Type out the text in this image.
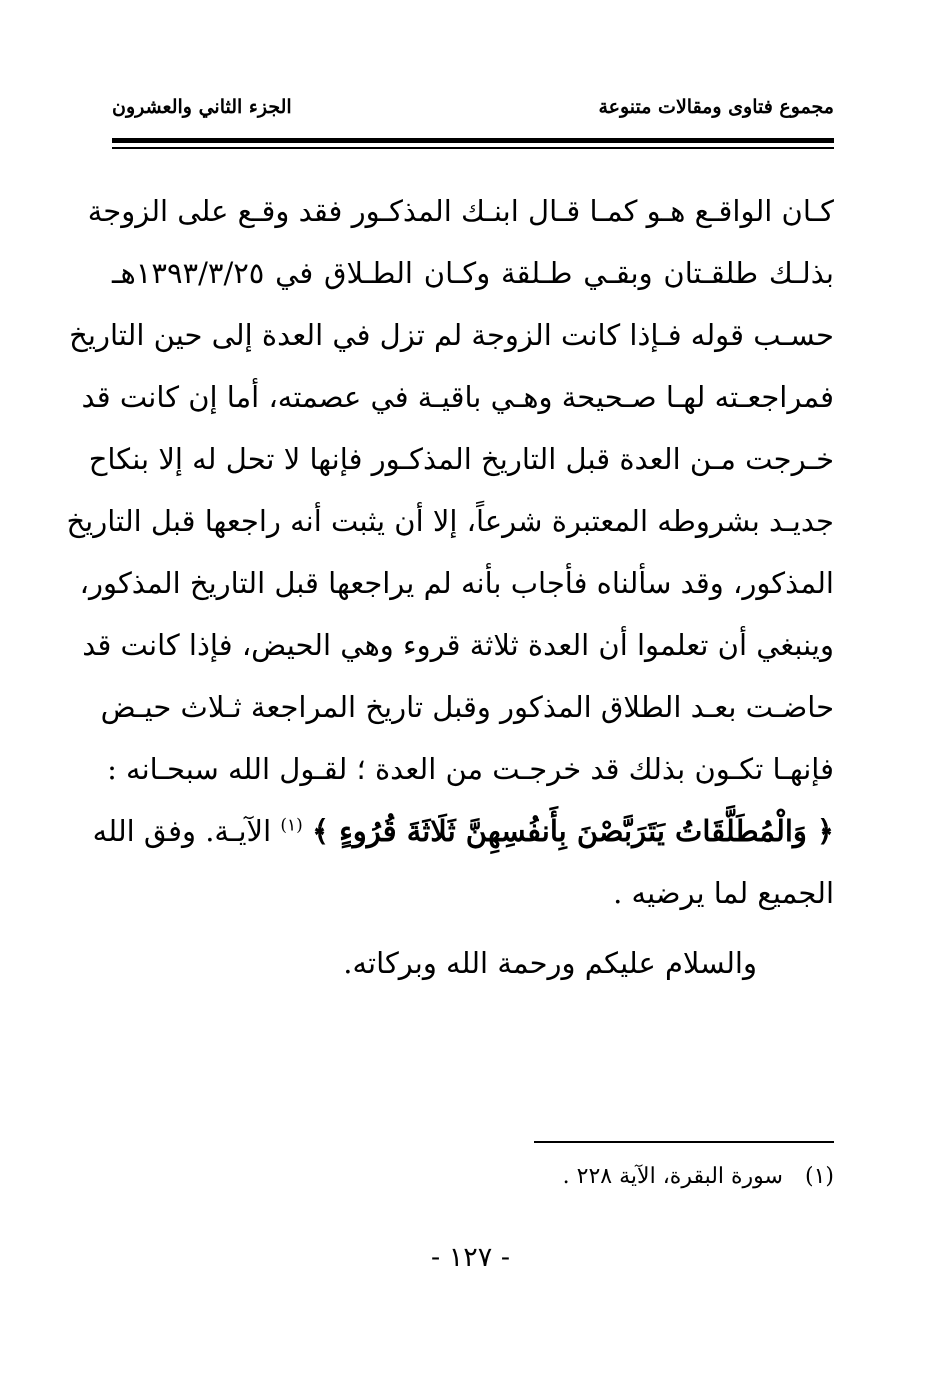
مجموع فتاوى ومقالات متنوعة
الجزء الثاني والعشرون
كـان الواقـع هـو كمـا قـال ابنـك المذكـور فقد وقـع على الزوجة
بذلـك طلقـتان وبقـي طـلقة وكـان الطـلاق في ١٣٩٣/٣/٢٥هـ
حسـب قوله فـإذا كانت الزوجة لم تزل في العدة إلى حين التاريخ
فمراجعـته لهـا صـحيحة وهـي باقيـة في عصمته، أما إن كانت قد
خـرجت مـن العدة قبل التاريخ المذكـور فإنها لا تحل له إلا بنكاح
جديـد بشروطه المعتبرة شرعاً، إلا أن يثبت أنه راجعها قبل التاريخ
المذكور، وقد سألناه فأجاب بأنه لم يراجعها قبل التاريخ المذكور،
وينبغي أن تعلموا أن العدة ثلاثة قروء وهي الحيض، فإذا كانت قد
حاضـت بعـد الطلاق المذكور وقبل تاريخ المراجعة ثـلاث حيـض
فإنهـا تكـون بذلك قد خرجـت من العدة ؛ لقـول الله سبحـانه :
﴿ وَالْمُطَلَّقَاتُ يَتَرَبَّصْنَ بِأَنفُسِهِنَّ ثَلَاثَةَ قُرُوءٍ ﴾ $^{(١)}$ الآيـة. وفق الله
الجميع لما يرضيه .
والسلام عليكم ورحمة الله وبركاته.
(١)سورة البقرة، الآية ٢٢٨ .
- ١٢٧ -
